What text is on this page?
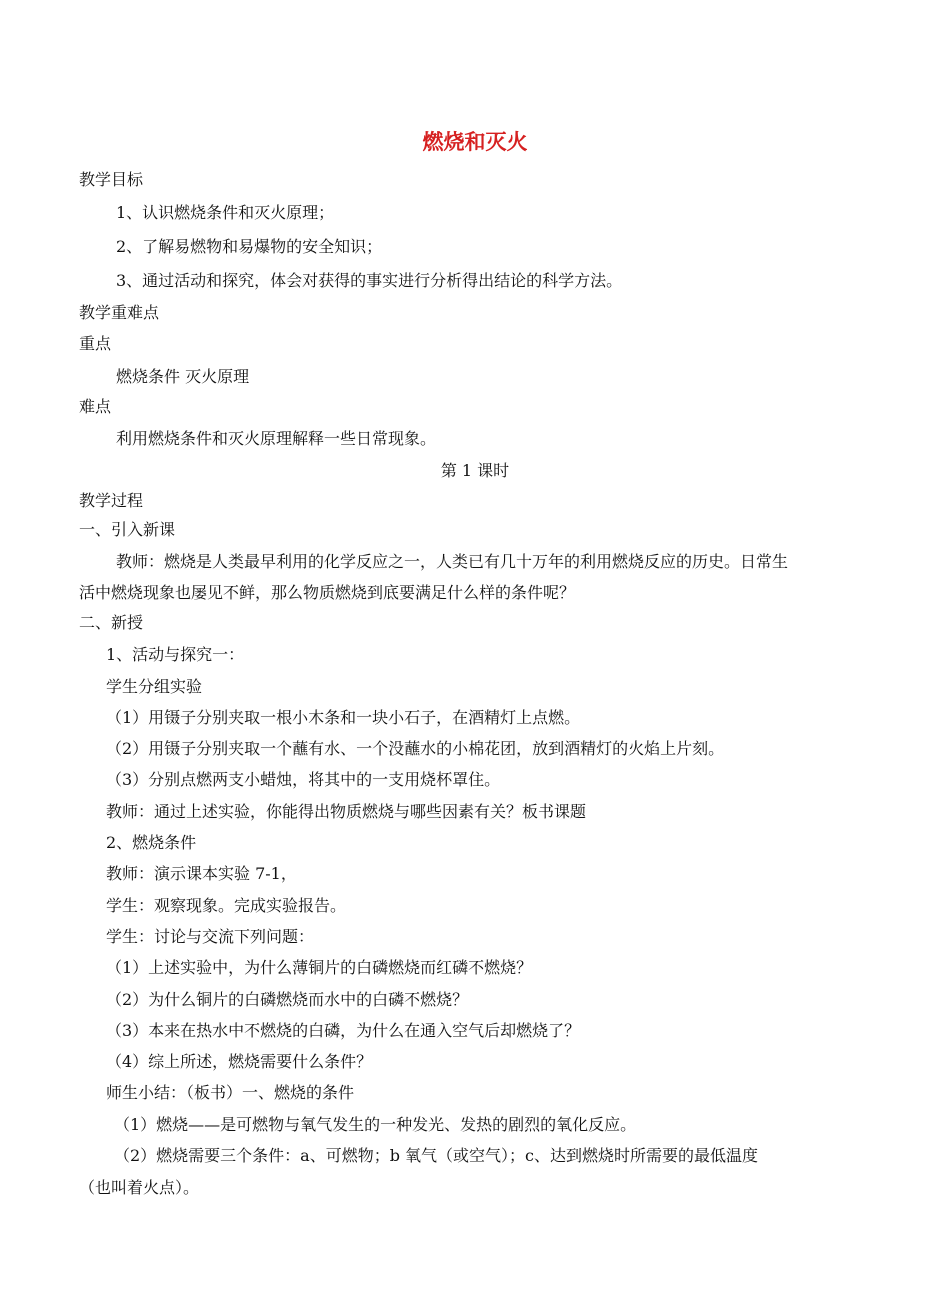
燃烧和灭火
教学目标
1、认识燃烧条件和灭火原理；
2、了解易燃物和易爆物的安全知识；
3、通过活动和探究，体会对获得的事实进行分析得出结论的科学方法。
教学重难点
重点
燃烧条件 灭火原理
难点
利用燃烧条件和灭火原理解释一些日常现象。
第 1 课时
教学过程
一、引入新课
教师：燃烧是人类最早利用的化学反应之一，人类已有几十万年的利用燃烧反应的历史。日常生
活中燃烧现象也屡见不鲜，那么物质燃烧到底要满足什么样的条件呢？
二、新授
1、活动与探究一：
学生分组实验
（1）用镊子分别夹取一根小木条和一块小石子，在酒精灯上点燃。
（2）用镊子分别夹取一个蘸有水、一个没蘸水的小棉花团，放到酒精灯的火焰上片刻。
（3）分别点燃两支小蜡烛，将其中的一支用烧杯罩住。
教师：通过上述实验，你能得出物质燃烧与哪些因素有关？板书课题
2、燃烧条件
教师：演示课本实验 7-1，
学生：观察现象。完成实验报告。
学生：讨论与交流下列问题：
（1）上述实验中，为什么薄铜片的白磷燃烧而红磷不燃烧？
（2）为什么铜片的白磷燃烧而水中的白磷不燃烧？
（3）本来在热水中不燃烧的白磷，为什么在通入空气后却燃烧了？
（4）综上所述，燃烧需要什么条件？
师生小结：（板书）一、燃烧的条件
（1）燃烧——是可燃物与氧气发生的一种发光、发热的剧烈的氧化反应。
（2）燃烧需要三个条件：a、可燃物；b 氧气（或空气）；c、达到燃烧时所需要的最低温度
（也叫着火点）。
